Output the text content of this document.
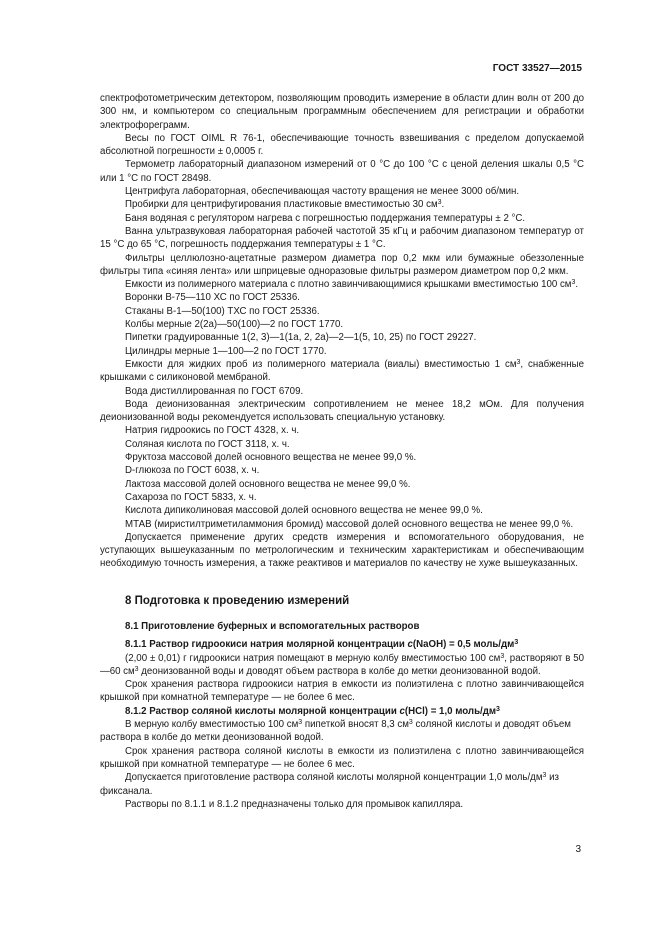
ГОСТ 33527—2015

спектрофотометрическим детектором, позволяющим проводить измерение в области длин волн от 200 до 300 нм, и компьютером со специальным программным обеспечением для регистрации и обработки электрофореграмм.

Весы по ГОСТ OIML R 76-1, обеспечивающие точность взвешивания с пределом допускаемой абсолютной погрешности ± 0,0005 г.

Термометр лабораторный диапазоном измерений от 0 °С до 100 °С с ценой деления шкалы 0,5 °С или 1 °С по ГОСТ 28498.

Центрифуга лабораторная, обеспечивающая частоту вращения не менее 3000 об/мин.

Пробирки для центрифугирования пластиковые вместимостью 30 $см^3$.

Баня водяная с регулятором нагрева с погрешностью поддержания температуры ± 2 °С.

Ванна ультразвуковая лабораторная рабочей частотой 35 кГц и рабочим диапазоном температур от 15 °С до 65 °С, погрешность поддержания температуры ± 1 °С.

Фильтры целлюлозно-ацетатные размером диаметра пор 0,2 мкм или бумажные обеззоленные фильтры типа «синяя лента» или шприцевые одноразовые фильтры размером диаметром пор 0,2 мкм.

Емкости из полимерного материала с плотно завинчивающимися крышками вместимостью 100 $см^3$.

Воронки В-75—110 ХС по ГОСТ 25336.

Стаканы В-1—50(100) ТХС по ГОСТ 25336.

Колбы мерные 2(2а)—50(100)—2 по ГОСТ 1770.

Пипетки градуированные 1(2, 3)—1(1а, 2, 2а)—2—1(5, 10, 25) по ГОСТ 29227.

Цилиндры мерные 1—100—2 по ГОСТ 1770.

Емкости для жидких проб из полимерного материала (виалы) вместимостью 1 $см^3$, снабженные крышками с силиконовой мембраной.

Вода дистиллированная по ГОСТ 6709.

Вода деионизованная электрическим сопротивлением не менее 18,2 мОм. Для получения деионизованной воды рекомендуется использовать специальную установку.

Натрия гидроокись по ГОСТ 4328, х. ч.

Соляная кислота по ГОСТ 3118, х. ч.

Фруктоза массовой долей основного вещества не менее 99,0 %.

D-глюкоза по ГОСТ 6038, х. ч.

Лактоза массовой долей основного вещества не менее 99,0 %.

Сахароза по ГОСТ 5833, х. ч.

Кислота дипиколиновая массовой долей основного вещества не менее 99,0 %.

МТАВ (миристилтриметиламмония бромид) массовой долей основного вещества не менее 99,0 %.

Допускается применение других средств измерения и вспомогательного оборудования, не уступающих вышеуказанным по метрологическим и техническим характеристикам и обеспечивающим необходимую точность измерения, а также реактивов и материалов по качеству не хуже вышеуказанных.

8 Подготовка к проведению измерений
8.1 Приготовление буферных и вспомогательных растворов

8.1.1 Раствор гидроокиси натрия молярной концентрации c(NaOH) = 0,5 моль/$дм^3$

(2,00 ± 0,01) г гидроокиси натрия помещают в мерную колбу вместимостью 100 $см^3$, растворяют в 50—60 $см^3$ деонизованной воды и доводят объем раствора в колбе до метки деонизованной водой.

Срок хранения раствора гидроокиси натрия в емкости из полиэтилена с плотно завинчивающейся крышкой при комнатной температуре — не более 6 мес.

8.1.2 Раствор соляной кислоты молярной концентрации c(HCl) = 1,0 моль/$дм^3$

В мерную колбу вместимостью 100 $см^3$ пипеткой вносят 8,3 $см^3$ соляной кислоты и доводят объем

раствора в колбе до метки деонизованной водой.

Срок хранения раствора соляной кислоты в емкости из полиэтилена с плотно завинчивающейся крышкой при комнатной температуре — не более 6 мес.

Допускается приготовление раствора соляной кислоты молярной концентрации 1,0 моль/$дм^3$ из

фиксанала.

Растворы по 8.1.1 и 8.1.2 предназначены только для промывок капилляра.

3
